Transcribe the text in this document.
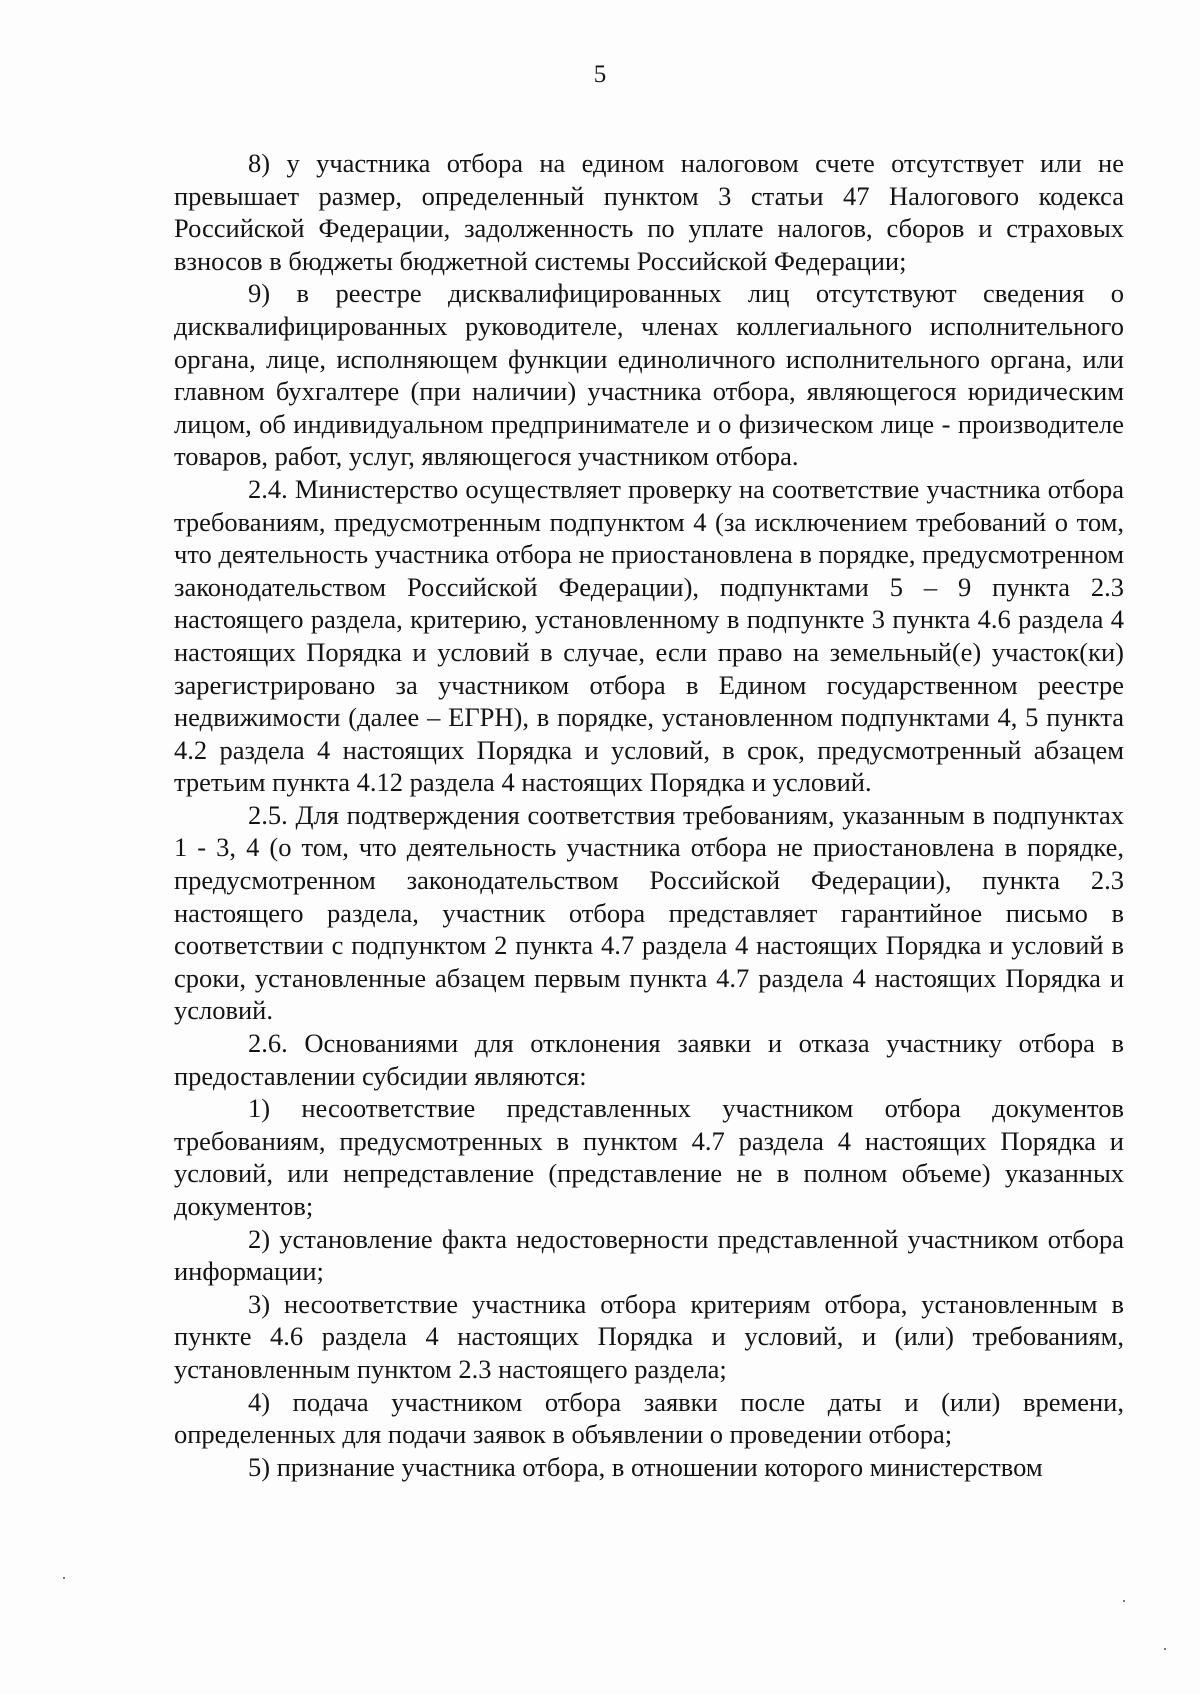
5

8) у участника отбора на едином налоговом счете отсутствует или не превышает размер, определенный пунктом 3 статьи 47 Налогового кодекса Российской Федерации, задолженность по уплате налогов, сборов и страховых взносов в бюджеты бюджетной системы Российской Федерации;

9) в реестре дисквалифицированных лиц отсутствуют сведения о дисквалифицированных руководителе, членах коллегиального исполнительного органа, лице, исполняющем функции единоличного исполнительного органа, или главном бухгалтере (при наличии) участника отбора, являющегося юридическим лицом, об индивидуальном предпринимателе и о физическом лице - производителе товаров, работ, услуг, являющегося участником отбора.

2.4. Министерство осуществляет проверку на соответствие участника отбора требованиям, предусмотренным подпунктом 4 (за исключением требований о том, что деятельность участника отбора не приостановлена в порядке, предусмотренном законодательством Российской Федерации), подпунктами 5 – 9 пункта 2.3 настоящего раздела, критерию, установленному в подпункте 3 пункта 4.6 раздела 4 настоящих Порядка и условий в случае, если право на земельный(е) участок(ки) зарегистрировано за участником отбора в Едином государственном реестре недвижимости (далее – ЕГРН), в порядке, установленном подпунктами 4, 5 пункта 4.2 раздела 4 настоящих Порядка и условий, в срок, предусмотренный абзацем третьим пункта 4.12 раздела 4 настоящих Порядка и условий.

2.5. Для подтверждения соответствия требованиям, указанным в подпунктах 1 - 3, 4 (о том, что деятельность участника отбора не приостановлена в порядке, предусмотренном законодательством Российской Федерации), пункта 2.3 настоящего раздела, участник отбора представляет гарантийное письмо в соответствии с подпунктом 2 пункта 4.7 раздела 4 настоящих Порядка и условий в сроки, установленные абзацем первым пункта 4.7 раздела 4 настоящих Порядка и условий.

2.6. Основаниями для отклонения заявки и отказа участнику отбора в предоставлении субсидии являются:

1) несоответствие представленных участником отбора документов требованиям, предусмотренных в пунктом 4.7 раздела 4 настоящих Порядка и условий, или непредставление (представление не в полном объеме) указанных документов;

2) установление факта недостоверности представленной участником отбора информации;

3) несоответствие участника отбора критериям отбора, установленным в пункте 4.6 раздела 4 настоящих Порядка и условий, и (или) требованиям, установленным пунктом 2.3 настоящего раздела;

4) подача участником отбора заявки после даты и (или) времени, определенных для подачи заявок в объявлении о проведении отбора;

5) признание участника отбора, в отношении которого министерством
